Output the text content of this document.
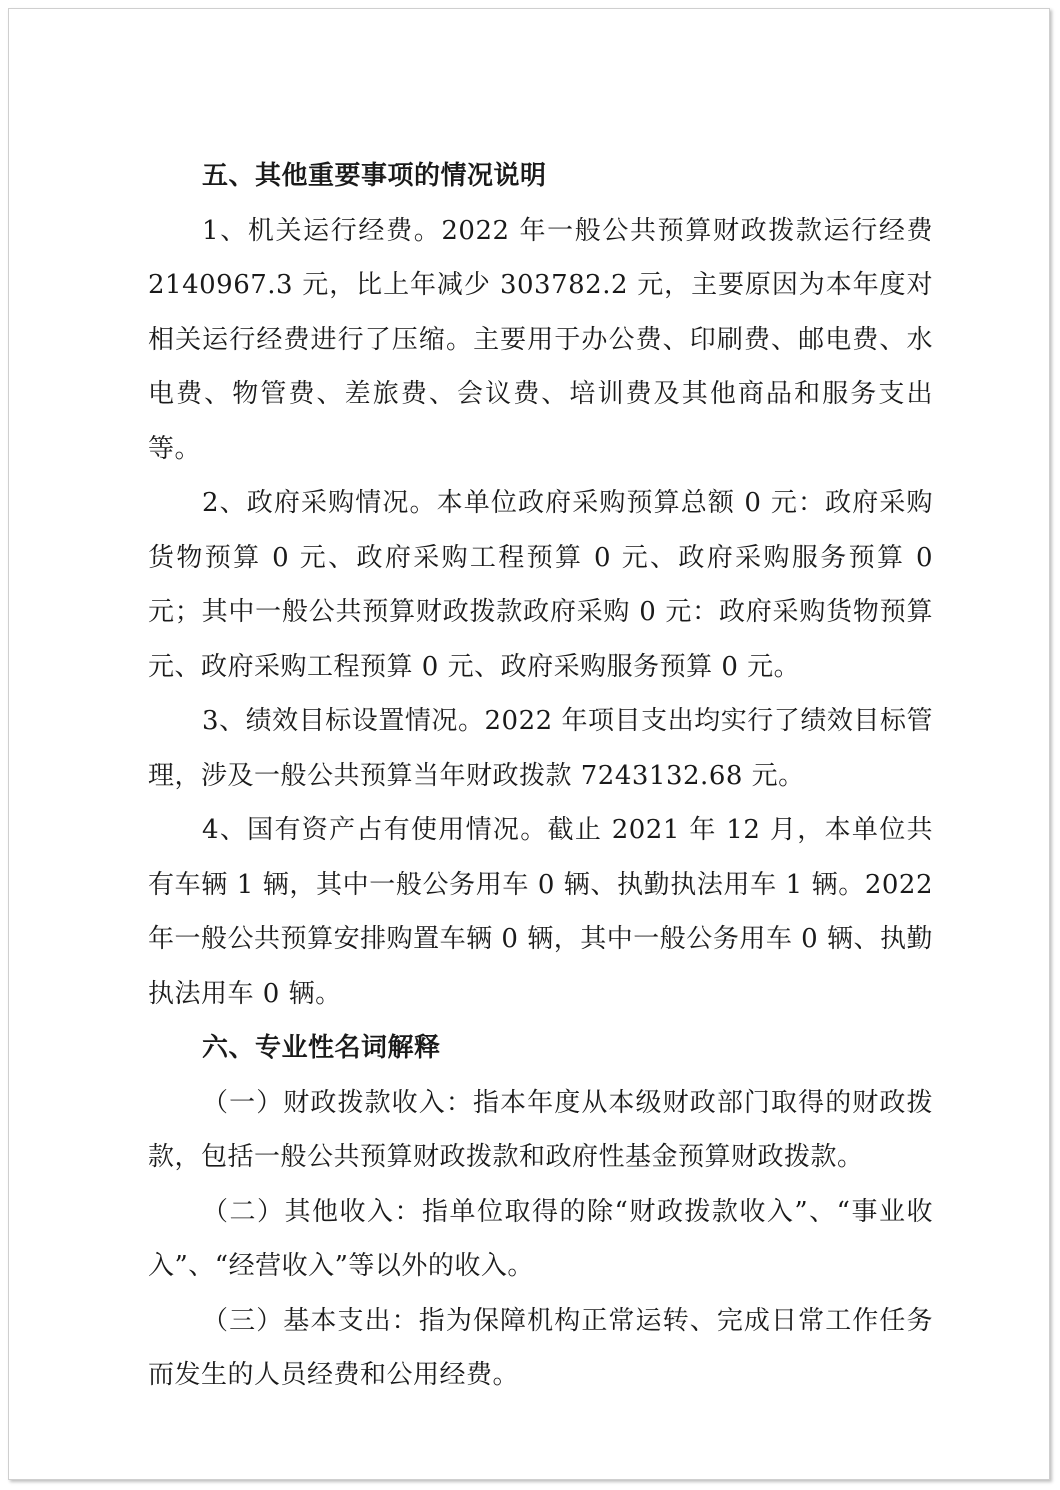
五、其他重要事项的情况说明

1、机关运行经费。2022 年一般公共预算财政拨款运行经费 2140967.3 元，比上年减少 303782.2 元，主要原因为本年度对相关运行经费进行了压缩。主要用于办公费、印刷费、邮电费、水电费、物管费、差旅费、会议费、培训费及其他商品和服务支出等。

2、政府采购情况。本单位政府采购预算总额 0 元：政府采购货物预算 0 元、政府采购工程预算 0 元、政府采购服务预算 0 元；其中一般公共预算财政拨款政府采购 0 元：政府采购货物预算元、政府采购工程预算 0 元、政府采购服务预算 0 元。

3、绩效目标设置情况。2022 年项目支出均实行了绩效目标管理，涉及一般公共预算当年财政拨款 7243132.68 元。

4、国有资产占有使用情况。截止 2021 年 12 月，本单位共有车辆 1 辆，其中一般公务用车 0 辆、执勤执法用车 1 辆。2022 年一般公共预算安排购置车辆 0 辆，其中一般公务用车 0 辆、执勤执法用车 0 辆。

六、专业性名词解释

（一）财政拨款收入：指本年度从本级财政部门取得的财政拨款，包括一般公共预算财政拨款和政府性基金预算财政拨款。

（二）其他收入：指单位取得的除“财政拨款收入”、“事业收入”、“经营收入”等以外的收入。

（三）基本支出：指为保障机构正常运转、完成日常工作任务而发生的人员经费和公用经费。
